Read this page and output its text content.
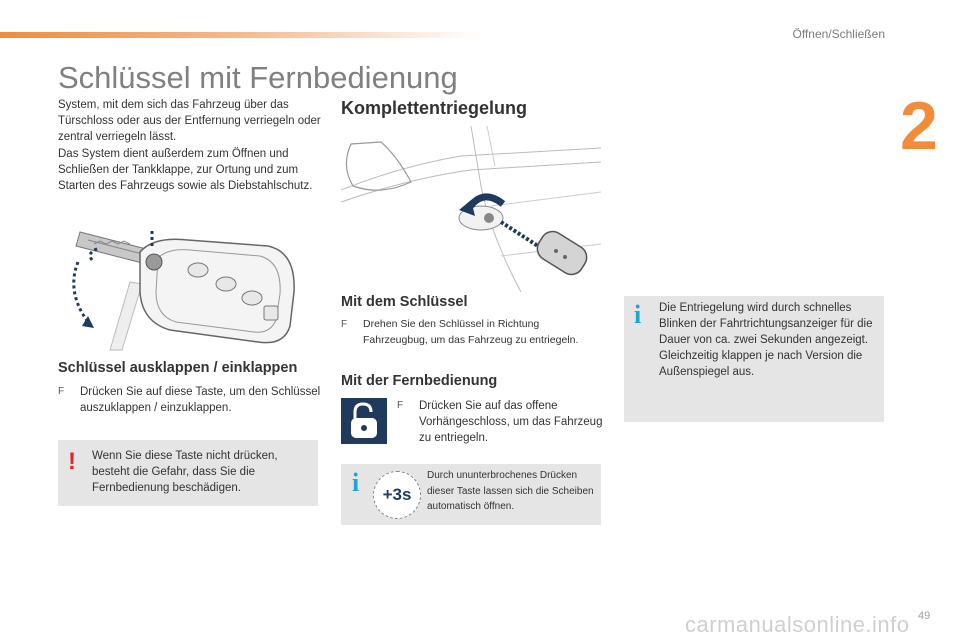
Öffnen/Schließen
2
Schlüssel mit Fernbedienung

System, mit dem sich das Fahrzeug über das Türschloss oder aus der Entfernung verriegeln oder zentral verriegeln lässt.

Das System dient außerdem zum Öffnen und Schließen der Tankklappe, zur Ortung und zum Starten des Fahrzeugs sowie als Diebstahlschutz.

Schlüssel ausklappen / einklappen
F Drücken Sie auf diese Taste, um den Schlüssel auszuklappen / einzuklappen.
! Wenn Sie diese Taste nicht drücken, besteht die Gefahr, dass Sie die Fernbedienung beschädigen.
Komplettentriegelung
Mit dem Schlüssel
F Drehen Sie den Schlüssel in Richtung Fahrzeugbug, um das Fahrzeug zu entriegeln.
Mit der Fernbedienung
F Drücken Sie auf das offene Vorhängeschloss, um das Fahrzeug zu entriegeln.
i +3s
Durch ununterbrochenes Drücken dieser Taste lassen sich die Scheiben automatisch öffnen.
i Die Entriegelung wird durch schnelles Blinken der Fahrtrichtungsanzeiger für die Dauer von ca. zwei Sekunden angezeigt.
Gleichzeitig klappen je nach Version die Außenspiegel aus.
carmanualsonline.info 49
